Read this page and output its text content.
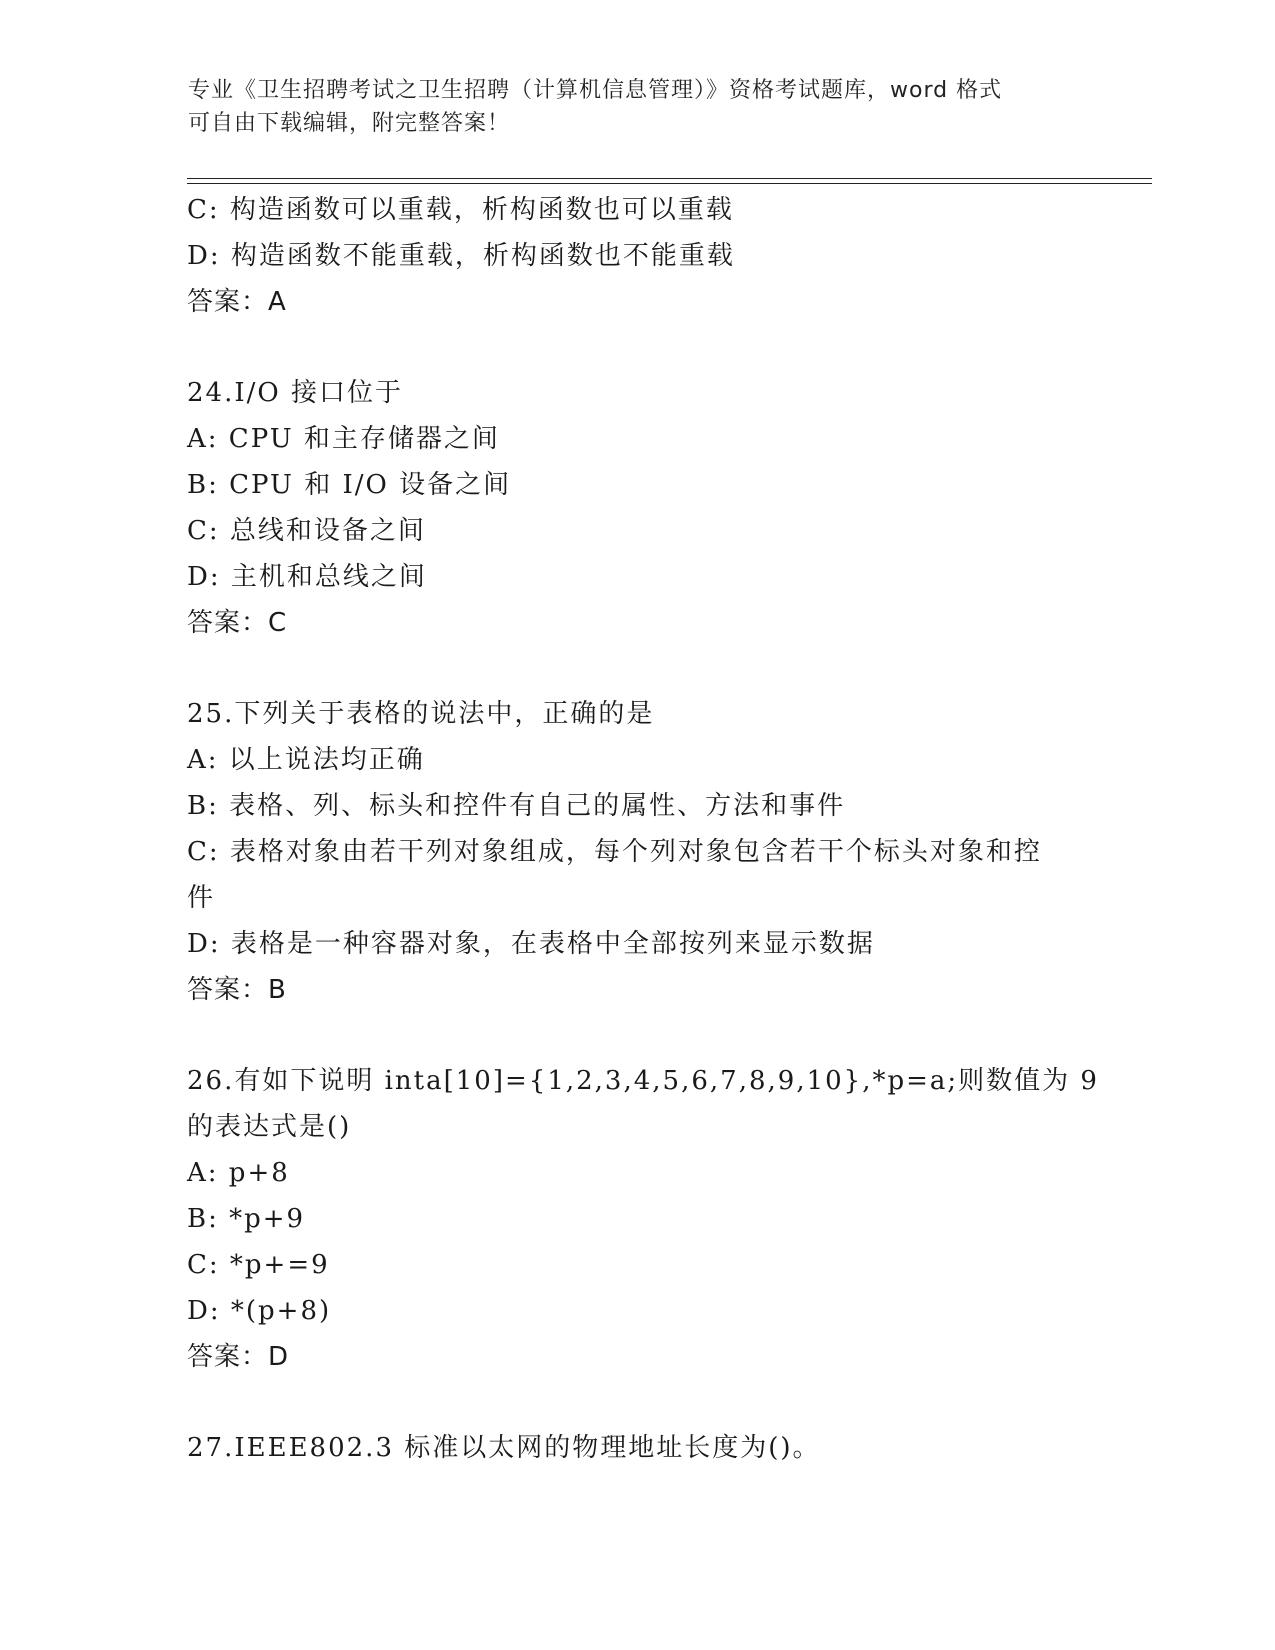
专业《卫生招聘考试之卫生招聘（计算机信息管理）》资格考试题库，word 格式
可自由下载编辑，附完整答案！
C: 构造函数可以重载，析构函数也可以重载
D: 构造函数不能重载，析构函数也不能重载
答案：A
24.I/O 接口位于
A: CPU 和主存储器之间
B: CPU 和 I/O 设备之间
C: 总线和设备之间
D: 主机和总线之间
答案：C
25.下列关于表格的说法中，正确的是
A: 以上说法均正确
B: 表格、列、标头和控件有自己的属性、方法和事件
C: 表格对象由若干列对象组成，每个列对象包含若干个标头对象和控
件
D: 表格是一种容器对象，在表格中全部按列来显示数据
答案：B
26.有如下说明 inta[10]={1,2,3,4,5,6,7,8,9,10},*p=a;则数值为 9
的表达式是()
A: p+8
B: *p+9
C: *p+=9
D: *(p+8)
答案：D
27.IEEE802.3 标准以太网的物理地址长度为()。
